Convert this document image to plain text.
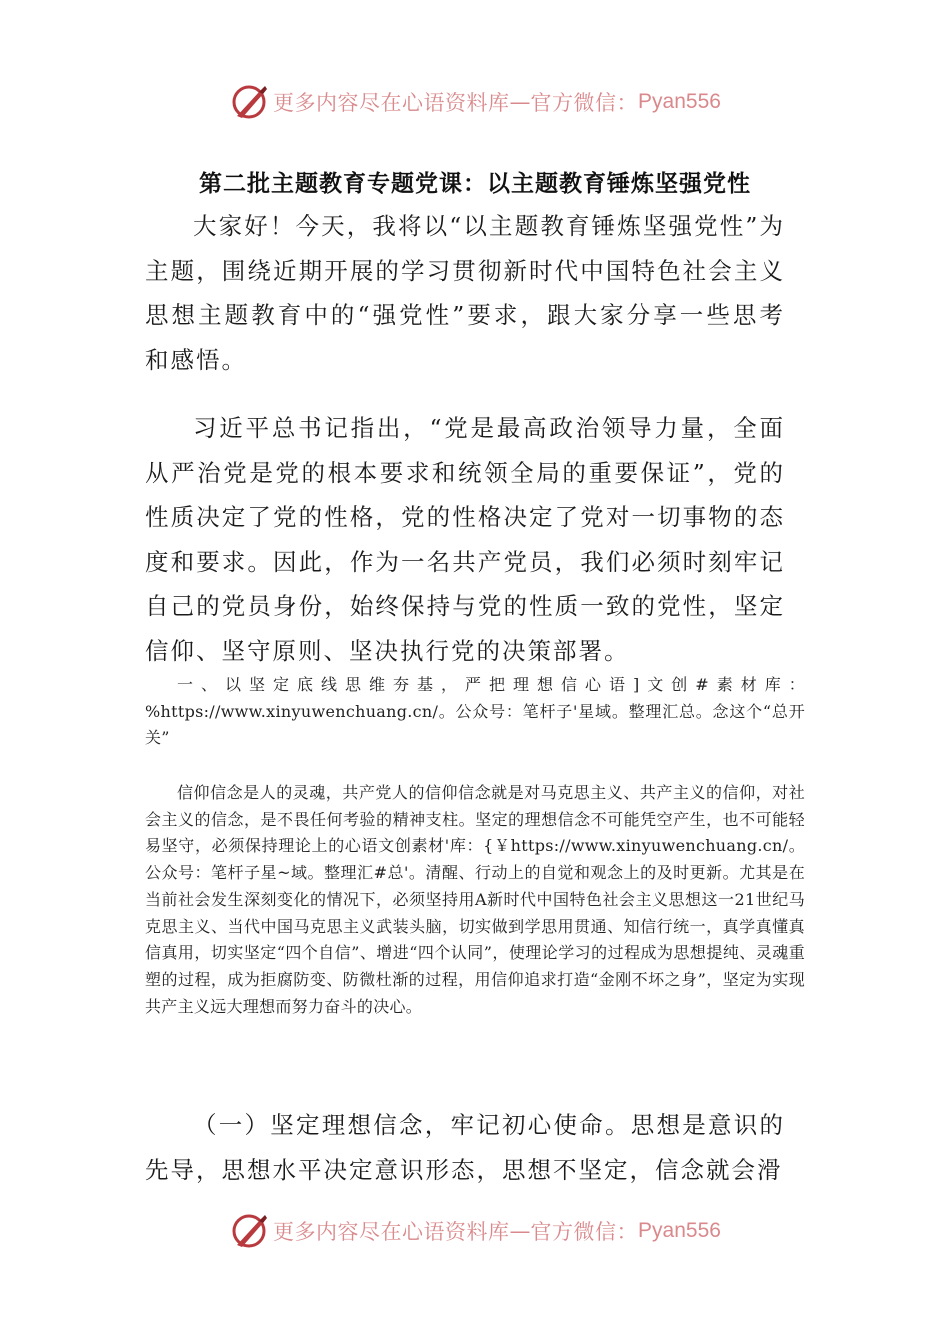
更多内容尽在心语资料库 — 官方微信： Pyan556
第二批主题教育专题党课：以主题教育锤炼坚强党性

大家好！今天，我将以“以主题教育锤炼坚强党性”为主题，围绕近期开展的学习贯彻新时代中国特色社会主义思想主题教育中的“强党性”要求，跟大家分享一些思考和感悟。

习近平总书记指出，“党是最高政治领导力量，全面从严治党是党的根本要求和统领全局的重要保证”，党的性质决定了党的性格，党的性格决定了党对一切事物的态度和要求。因此，作为一名共产党员，我们必须时刻牢记自己的党员身份，始终保持与党的性质一致的党性，坚定信仰、坚守原则、坚决执行党的决策部署。

一、以坚定底线思维夯基，严把理想信心语]文创#素材库：%https://www.xinyuwenchuang.cn/。公众号：笔杆子'星域。整理汇总。念这个“总开关”

信仰信念是人的灵魂，共产党人的信仰信念就是对马克思主义、共产主义的信仰，对社会主义的信念，是不畏任何考验的精神支柱。坚定的理想信念不可能凭空产生，也不可能轻易坚守，必须保持理论上的心语文创素材'库：{￥https://www.xinyuwenchuang.cn/。公众号：笔杆子星~域。整理汇#总'。清醒、行动上的自觉和观念上的及时更新。尤其是在当前社会发生深刻变化的情况下，必须坚持用A新时代中国特色社会主义思想这一21世纪马克思主义、当代中国马克思主义武装头脑，切实做到学思用贯通、知信行统一，真学真懂真信真用，切实坚定“四个自信”、增进“四个认同”，使理论学习的过程成为思想提纯、灵魂重塑的过程，成为拒腐防变、防微杜渐的过程，用信仰追求打造“金刚不坏之身”，坚定为实现共产主义远大理想而努力奋斗的决心。

（一）坚定理想信念，牢记初心使命。思想是意识的先导，思想水平决定意识形态，思想不坚定，信念就会滑

更多内容尽在心语资料库 — 官方微信： Pyan556
